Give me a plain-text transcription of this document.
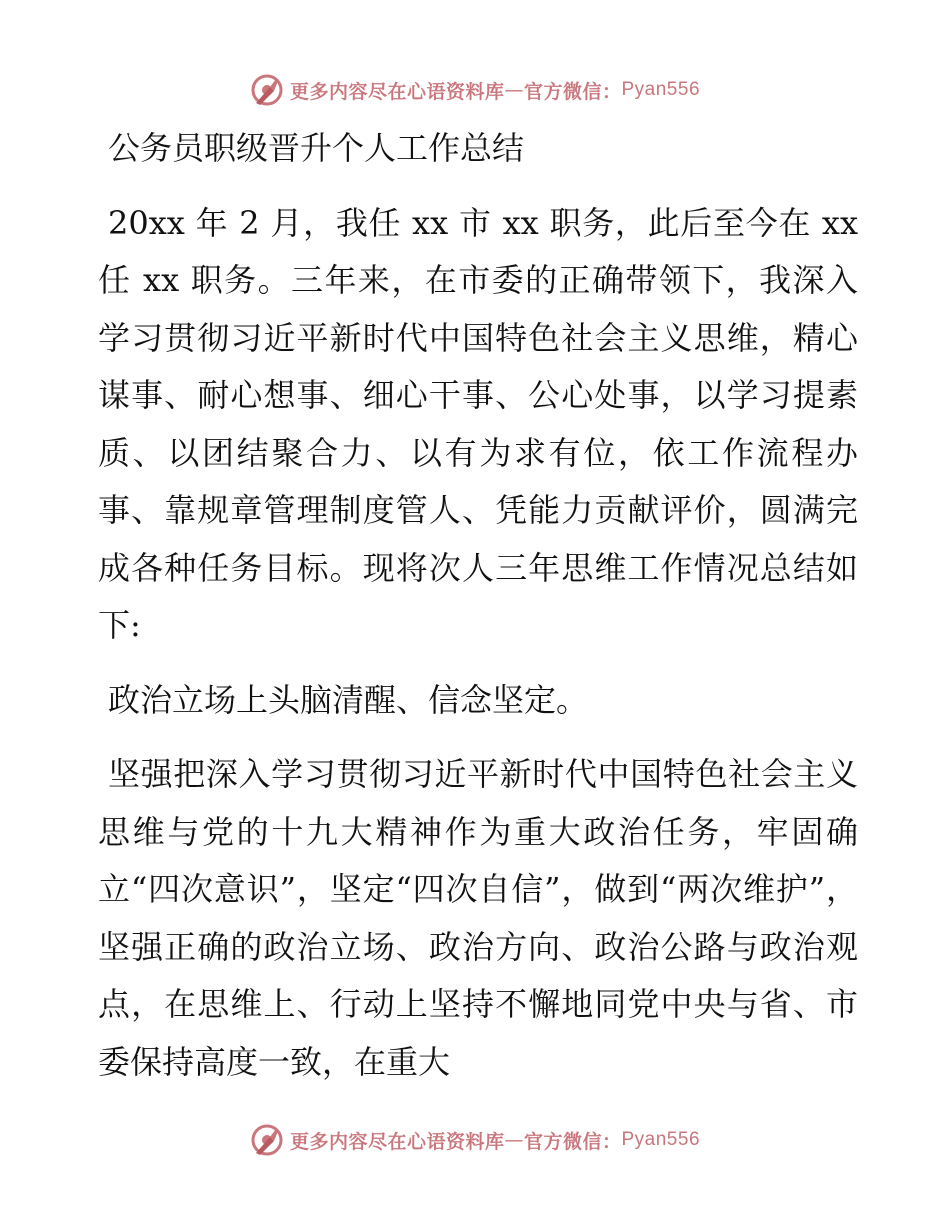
更多内容尽在心语资料库 — 官方微信： Pyan556

公务员职级晋升个人工作总结

20xx 年 2 月，我任 xx 市 xx 职务，此后至今在 xx 任 xx 职务。三年来，在市委的正确带领下，我深入学习贯彻习近平新时代中国特色社会主义思维，精心谋事、耐心想事、细心干事、公心处事，以学习提素质、以团结聚合力、以有为求有位，依工作流程办事、靠规章管理制度管人、凭能力贡献评价，圆满完成各种任务目标。现将次人三年思维工作情况总结如下:

政治立场上头脑清醒、信念坚定。

坚强把深入学习贯彻习近平新时代中国特色社会主义思维与党的十九大精神作为重大政治任务，牢固确立“四次意识”，坚定“四次自信”，做到“两次维护”，坚强正确的政治立场、政治方向、政治公路与政治观点，在思维上、行动上坚持不懈地同党中央与省、市委保持高度一致，在重大

更多内容尽在心语资料库 — 官方微信： Pyan556
